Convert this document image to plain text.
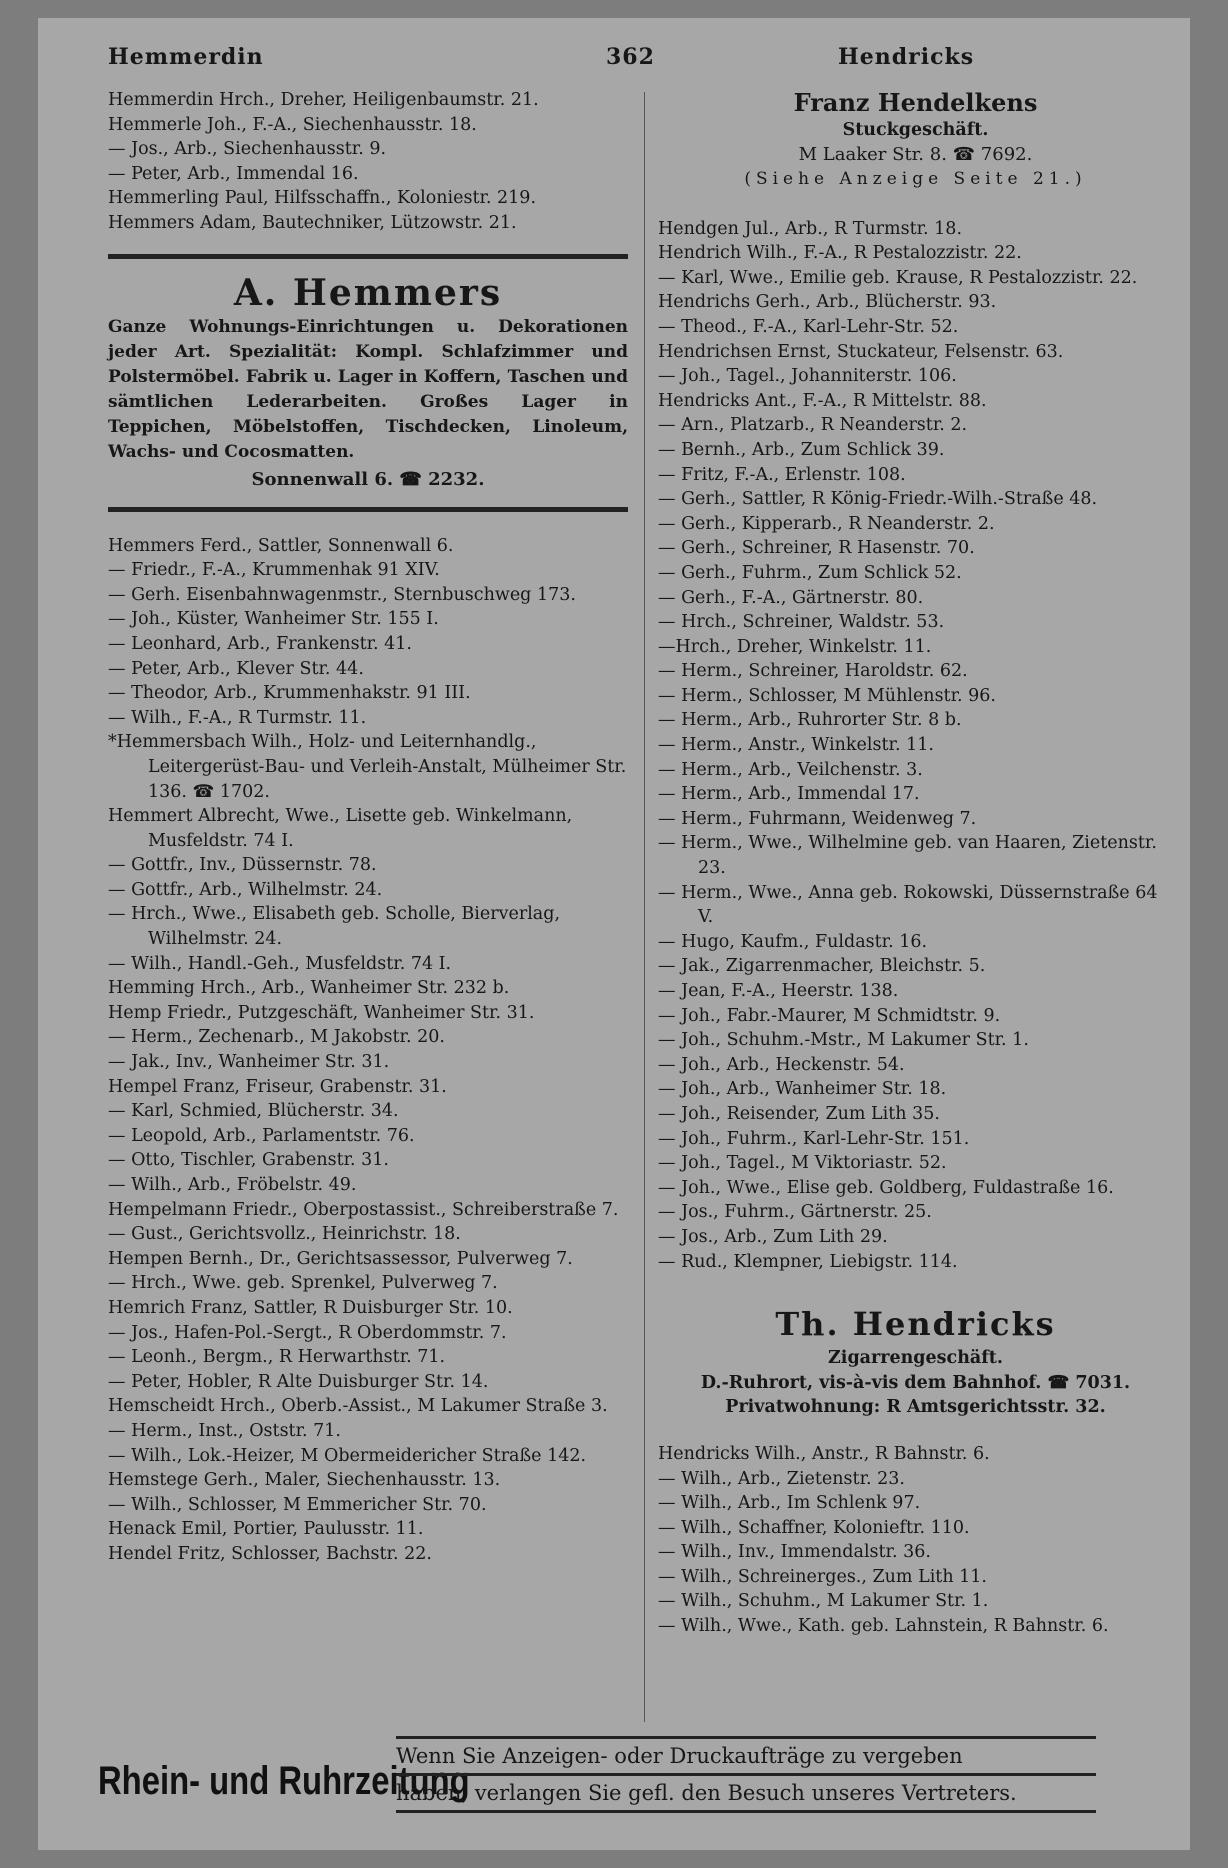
Hemmerdin	362	Hendricks

Hemmerdin Hrch., Dreher, Heiligenbaumstr. 21.

Hemmerle Joh., F.-A., Siechenhausstr. 18.

— Jos., Arb., Siechenhausstr. 9.

— Peter, Arb., Immendal 16.

Hemmerling Paul, Hilfsschaffn., Koloniestr. 219.

Hemmers Adam, Bautechniker, Lützowstr. 21.

A. Hemmers
Ganze Wohnungs-Einrichtungen u. Dekorationen jeder Art. Spezialität: Kompl. Schlafzimmer und Polstermöbel. Fabrik u. Lager in Koffern, Taschen und sämtlichen Lederarbeiten. Großes Lager in Teppichen, Möbelstoffen, Tischdecken, Linoleum, Wachs- und Cocosmatten.
Sonnenwall 6. ☎ 2232.

Hemmers Ferd., Sattler, Sonnenwall 6.

— Friedr., F.-A., Krummenhak 91 XIV.

— Gerh. Eisenbahnwagenmstr., Sternbuschweg 173.

— Joh., Küster, Wanheimer Str. 155 I.

— Leonhard, Arb., Frankenstr. 41.

— Peter, Arb., Klever Str. 44.

— Theodor, Arb., Krummenhakstr. 91 III.

— Wilh., F.-A., R Turmstr. 11.

*Hemmersbach Wilh., Holz- und Leiternhandlg., Leitergerüst-Bau- und Verleih-Anstalt, Mülheimer Str. 136. ☎ 1702.

Hemmert Albrecht, Wwe., Lisette geb. Winkelmann, Musfeldstr. 74 I.

— Gottfr., Inv., Düssernstr. 78.

— Gottfr., Arb., Wilhelmstr. 24.

— Hrch., Wwe., Elisabeth geb. Scholle, Bierverlag, Wilhelmstr. 24.

— Wilh., Handl.-Geh., Musfeldstr. 74 I.

Hemming Hrch., Arb., Wanheimer Str. 232 b.

Hemp Friedr., Putzgeschäft, Wanheimer Str. 31.

— Herm., Zechenarb., M Jakobstr. 20.

— Jak., Inv., Wanheimer Str. 31.

Hempel Franz, Friseur, Grabenstr. 31.

— Karl, Schmied, Blücherstr. 34.

— Leopold, Arb., Parlamentstr. 76.

— Otto, Tischler, Grabenstr. 31.

— Wilh., Arb., Fröbelstr. 49.

Hempelmann Friedr., Oberpostassist., Schreiberstraße 7.

— Gust., Gerichtsvollz., Heinrichstr. 18.

Hempen Bernh., Dr., Gerichtsassessor, Pulverweg 7.

— Hrch., Wwe. geb. Sprenkel, Pulverweg 7.

Hemrich Franz, Sattler, R Duisburger Str. 10.

— Jos., Hafen-Pol.-Sergt., R Oberdommstr. 7.

— Leonh., Bergm., R Herwarthstr. 71.

— Peter, Hobler, R Alte Duisburger Str. 14.

Hemscheidt Hrch., Oberb.-Assist., M Lakumer Straße 3.

— Herm., Inst., Oststr. 71.

— Wilh., Lok.-Heizer, M Obermeidericher Straße 142.

Hemstege Gerh., Maler, Siechenhausstr. 13.

— Wilh., Schlosser, M Emmericher Str. 70.

Henack Emil, Portier, Paulusstr. 11.

Hendel Fritz, Schlosser, Bachstr. 22.

Franz Hendelkens
Stuckgeschäft.
M Laaker Str. 8. ☎ 7692.
(Siehe Anzeige Seite 21.)

Hendgen Jul., Arb., R Turmstr. 18.

Hendrich Wilh., F.-A., R Pestalozzistr. 22.

— Karl, Wwe., Emilie geb. Krause, R Pestalozzistr. 22.

Hendrichs Gerh., Arb., Blücherstr. 93.

— Theod., F.-A., Karl-Lehr-Str. 52.

Hendrichsen Ernst, Stuckateur, Felsenstr. 63.

— Joh., Tagel., Johanniterstr. 106.

Hendricks Ant., F.-A., R Mittelstr. 88.

— Arn., Platzarb., R Neanderstr. 2.

— Bernh., Arb., Zum Schlick 39.

— Fritz, F.-A., Erlenstr. 108.

— Gerh., Sattler, R König-Friedr.-Wilh.-Straße 48.

— Gerh., Kipperarb., R Neanderstr. 2.

— Gerh., Schreiner, R Hasenstr. 70.

— Gerh., Fuhrm., Zum Schlick 52.

— Gerh., F.-A., Gärtnerstr. 80.

— Hrch., Schreiner, Waldstr. 53.

—Hrch., Dreher, Winkelstr. 11.

— Herm., Schreiner, Haroldstr. 62.

— Herm., Schlosser, M Mühlenstr. 96.

— Herm., Arb., Ruhrorter Str. 8 b.

— Herm., Anstr., Winkelstr. 11.

— Herm., Arb., Veilchenstr. 3.

— Herm., Arb., Immendal 17.

— Herm., Fuhrmann, Weidenweg 7.

— Herm., Wwe., Wilhelmine geb. van Haaren, Zietenstr. 23.

— Herm., Wwe., Anna geb. Rokowski, Düssernstraße 64 V.

— Hugo, Kaufm., Fuldastr. 16.

— Jak., Zigarrenmacher, Bleichstr. 5.

— Jean, F.-A., Heerstr. 138.

— Joh., Fabr.-Maurer, M Schmidtstr. 9.

— Joh., Schuhm.-Mstr., M Lakumer Str. 1.

— Joh., Arb., Heckenstr. 54.

— Joh., Arb., Wanheimer Str. 18.

— Joh., Reisender, Zum Lith 35.

— Joh., Fuhrm., Karl-Lehr-Str. 151.

— Joh., Tagel., M Viktoriastr. 52.

— Joh., Wwe., Elise geb. Goldberg, Fuldastraße 16.

— Jos., Fuhrm., Gärtnerstr. 25.

— Jos., Arb., Zum Lith 29.

— Rud., Klempner, Liebigstr. 114.

Th. Hendricks
Zigarrengeschäft.
D.-Ruhrort, vis-à-vis dem Bahnhof. ☎ 7031.
Privatwohnung: R Amtsgerichtsstr. 32.

Hendricks Wilh., Anstr., R Bahnstr. 6.

— Wilh., Arb., Zietenstr. 23.

— Wilh., Arb., Im Schlenk 97.

— Wilh., Schaffner, Kolonieftr. 110.

— Wilh., Inv., Immendalstr. 36.

— Wilh., Schreinerges., Zum Lith 11.

— Wilh., Schuhm., M Lakumer Str. 1.

— Wilh., Wwe., Kath. geb. Lahnstein, R Bahnstr. 6.

Rhein- und Ruhrzeitung
Wenn Sie Anzeigen- oder Druckaufträge zu vergeben
haben, verlangen Sie gefl. den Besuch unseres Vertreters.
